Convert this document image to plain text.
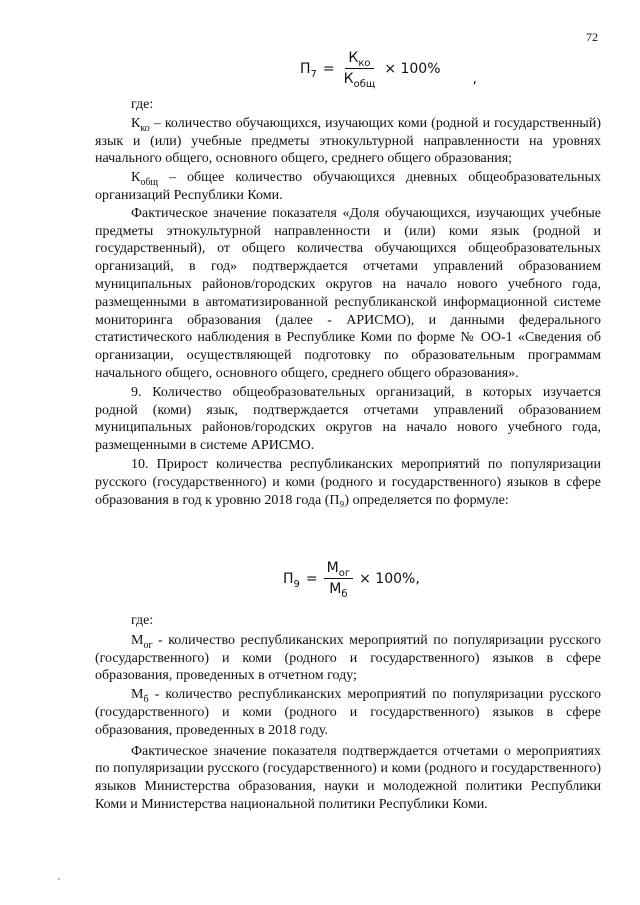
72
$П_7 = \frac{К_{ко}}{К_{общ}} \times 100\%$
,

где:

$К_{ко}$ – количество обучающихся, изучающих коми (родной и государственный) язык и (или) учебные предметы этнокультурной направленности на уровнях начального общего, основного общего, среднего общего образования;

$К_{общ}$ – общее количество обучающихся дневных общеобразовательных организаций Республики Коми.

Фактическое значение показателя «Доля обучающихся, изучающих учебные предметы этнокультурной направленности и (или) коми язык (родной и государственный), от общего количества обучающихся общеобразовательных организаций, в год» подтверждается отчетами управлений образованием муниципальных районов/городских округов на начало нового учебного года, размещенными в автоматизированной республиканской информационной системе мониторинга образования (далее - АРИСМО), и данными федерального статистического наблюдения в Республике Коми по форме № ОО-1 «Сведения об организации, осуществляющей подготовку по образовательным программам начального общего, основного общего, среднего общего образования».

9. Количество общеобразовательных организаций, в которых изучается родной (коми) язык, подтверждается отчетами управлений образованием муниципальных районов/городских округов на начало нового учебного года, размещенными в системе АРИСМО.

10. Прирост количества республиканских мероприятий по популяризации русского (государственного) и коми (родного и государственного) языков в сфере образования в год к уровню 2018 года (П₉) определяется по формуле:

$П_9 = \frac{М_{ог}}{М_б} \times 100\%$,

где:

$М_{ог}$ - количество республиканских мероприятий по популяризации русского (государственного) и коми (родного и государственного) языков в сфере образования, проведенных в отчетном году;

$М_б$ - количество республиканских мероприятий по популяризации русского (государственного) и коми (родного и государственного) языков в сфере образования, проведенных в 2018 году.

Фактическое значение показателя подтверждается отчетами о мероприятиях по популяризации русского (государственного) и коми (родного и государственного) языков Министерства образования, науки и молодежной политики Республики Коми и Министерства национальной политики Республики Коми.
